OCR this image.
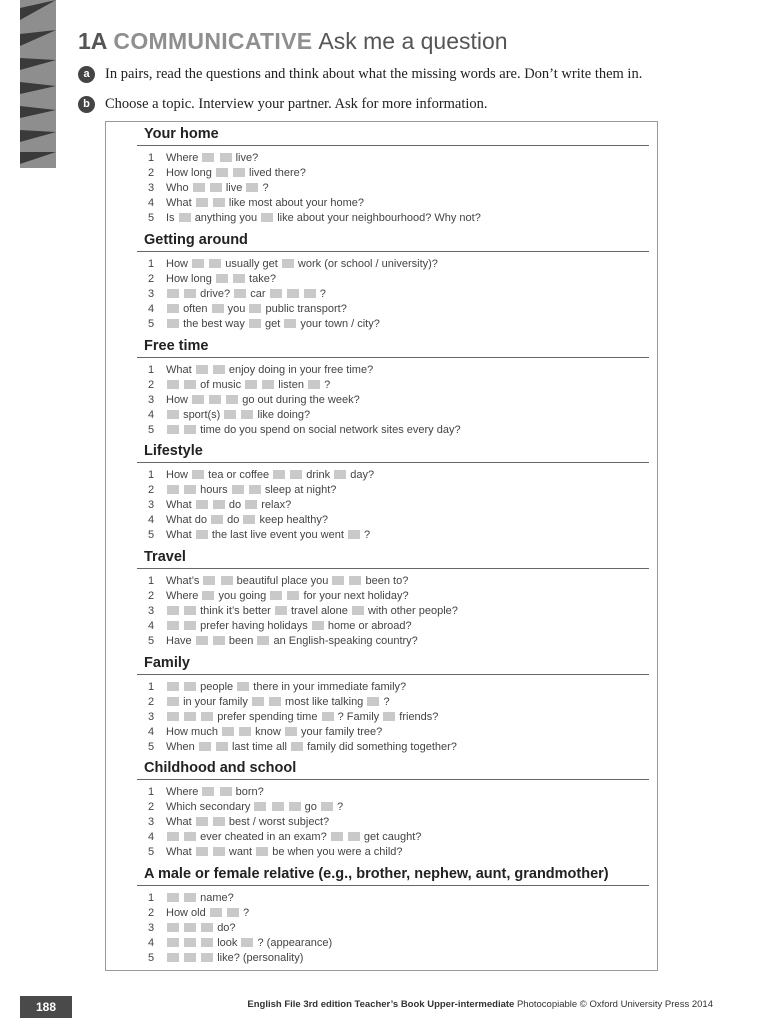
1A COMMUNICATIVE Ask me a question
a In pairs, read the questions and think about what the missing words are. Don’t write them in.
b Choose a topic. Interview your partner. Ask for more information.
Your home
1 Where	live?
2 How long	lived there?
3 Who	live ?
4 What	like most about your home?
5 Is anything you like about your neighbourhood? Why not?
Getting around
1 How	usually get work (or school / university)?
2 How long	take?
3	drive? car	?
4	often you public transport?
5	the best way get your town / city?
Free time
1 What	enjoy doing in your free time?
2	of music	listen ?
3 How	go out during the week?
4	sport(s)	like doing?
5	time do you spend on social network sites every day?
Lifestyle
1 How tea or coffee	drink day?
2	hours	sleep at night?
3 What	do relax?
4 What do do keep healthy?
5 What the last live event you went ?
Travel
1 What’s	beautiful place you	been to?
2 Where you going	for your next holiday?
3	think it’s better travel alone with other people?
4	prefer having holidays home or abroad?
5 Have	been an English-speaking country?
Family
1	people there in your immediate family?
2	in your family	most like talking ?
3	prefer spending time ? Family friends?
4 How much	know your family tree?
5 When	last time all family did something together?
Childhood and school
1 Where	born?
2 Which secondary	go ?
3 What	best / worst subject?
4	ever cheated in an exam?	get caught?
5 What	want be when you were a child?
A male or female relative (e.g., brother, nephew, aunt, grandmother)
1	name?
2 How old	?
3	do?
4	look ? (appearance)
5	like? (personality)
188	English File 3rd edition Teacher’s Book Upper-intermediate Photocopiable © Oxford University Press 2014
